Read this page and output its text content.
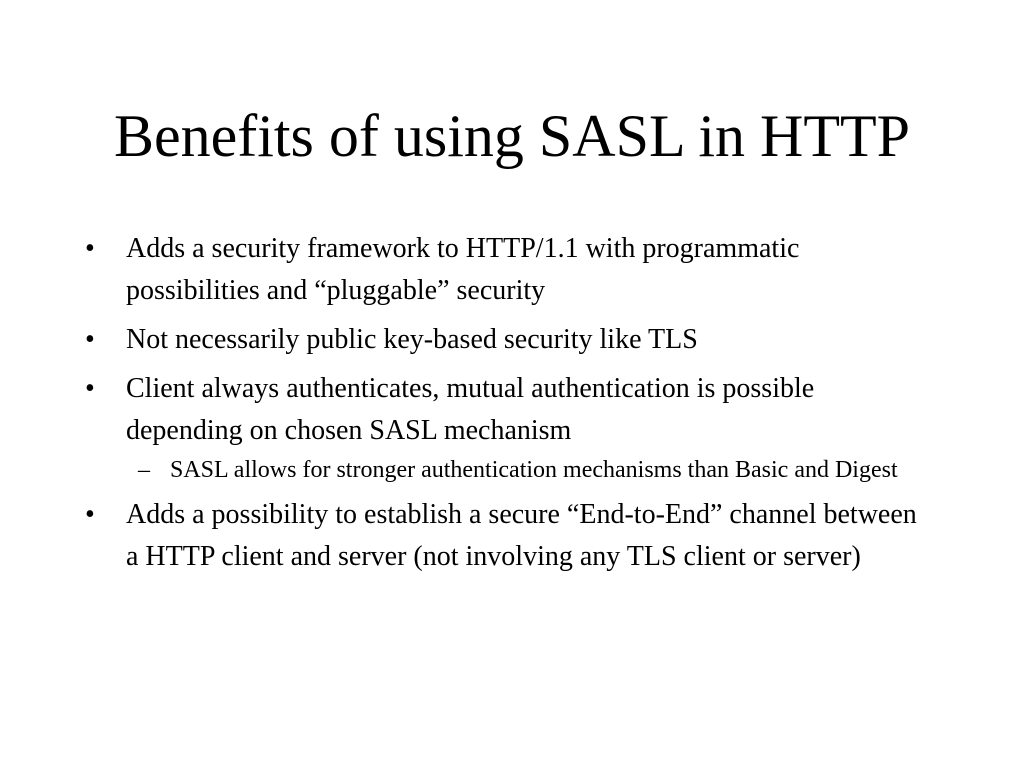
Benefits of using SASL in HTTP
• Adds a security framework to HTTP/1.1 with programmatic possibilities and “pluggable” security
• Not necessarily public key-based security like TLS
• Client always authenticates, mutual authentication is possible depending on chosen SASL mechanism
– SASL allows for stronger authentication mechanisms than Basic and Digest
• Adds a possibility to establish a secure “End-to-End” channel between a HTTP client and server (not involving any TLS client or server)
